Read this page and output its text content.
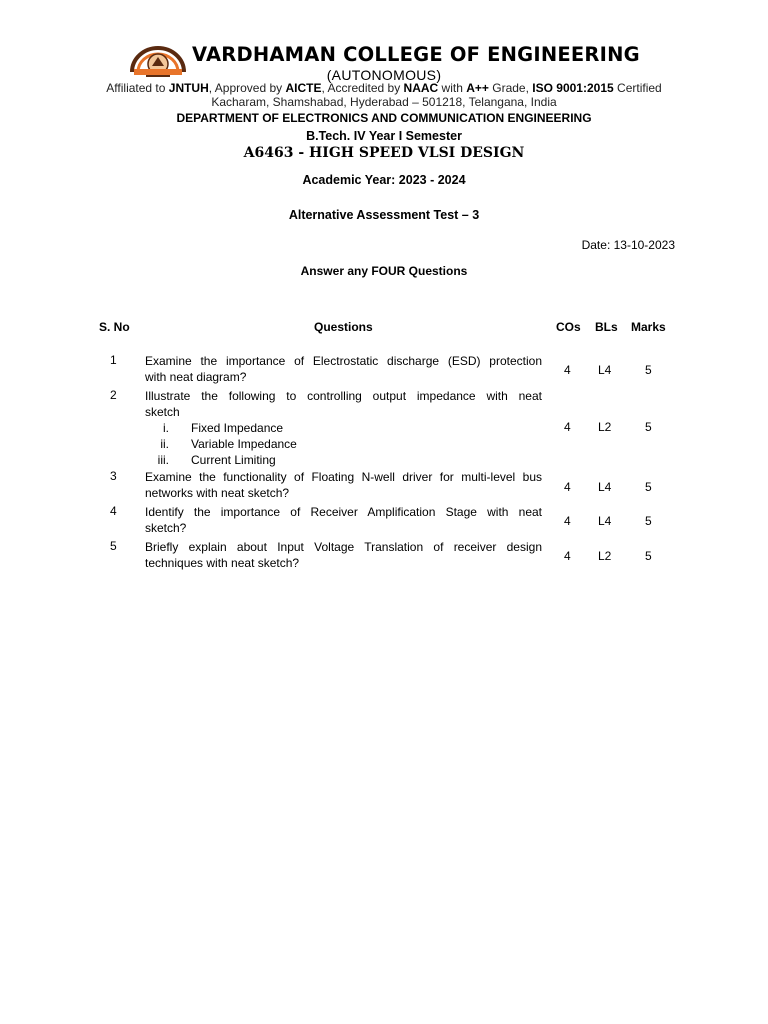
VARDHAMAN COLLEGE OF ENGINEERING
(AUTONOMOUS)
Affiliated to JNTUH, Approved by AICTE, Accredited by NAAC with A++ Grade, ISO 9001:2015 Certified
Kacharam, Shamshabad, Hyderabad – 501218, Telangana, India
DEPARTMENT OF ELECTRONICS AND COMMUNICATION ENGINEERING
B.Tech. IV Year I Semester
A6463 - HIGH SPEED VLSI DESIGN
Academic Year: 2023 - 2024
Alternative Assessment Test – 3
Date: 13-10-2023
Answer any FOUR Questions
S. No	Questions	COs BLs Marks
1 Examine the importance of Electrostatic discharge (ESD) protection
with neat diagram?	4 L4	5
2 Illustrate the following to controlling output impedance with neat
sketch
i. Fixed Impedance
ii. Variable Impedance
iii. Current Limiting
4 L2	5
3 Examine the functionality of Floating N-well driver for multi-level bus
networks with neat sketch?	4 L4	5
4 Identify the importance of Receiver Amplification Stage with neat
sketch?	4 L4	5
5 Briefly explain about Input Voltage Translation of receiver design
techniques with neat sketch?	4 L2	5
